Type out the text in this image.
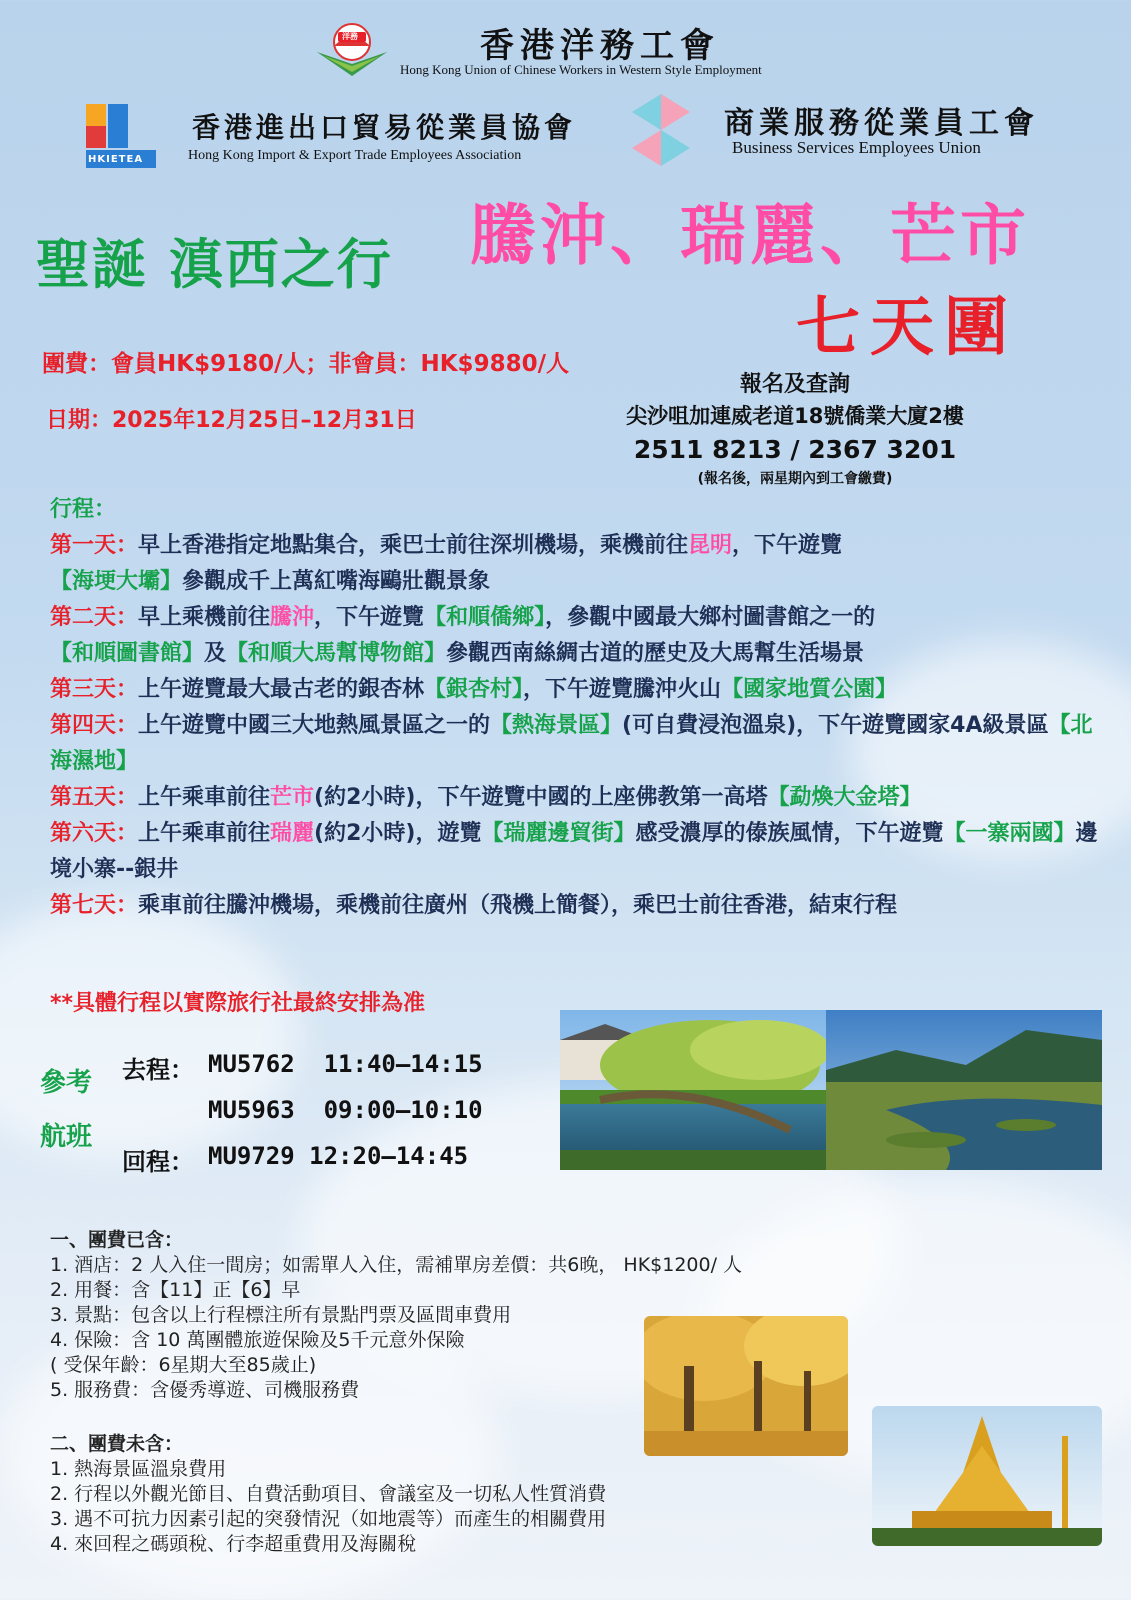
洋務	香港洋務工會
Hong Kong Union of Chinese Workers in Western Style Employment
HKIETEA
香港進出口貿易從業員協會
Hong Kong Import & Export Trade Employees Association
商業服務從業員工會
Business Services Employees Union
聖誕 滇西之行 騰沖、瑞麗、芒市
七天團
團費：會員HK$9180/人；非會員：HK$9880/人
日期：2025年12月25日–12月31日
報名及查詢
尖沙咀加連威老道18號僑業大廈2樓
2511 8213 / 2367 3201
(報名後，兩星期內到工會繳費)

行程：

第一天：早上香港指定地點集合，乘巴士前往深圳機場，乘機前往昆明，下午遊覽
【海埂大壩】參觀成千上萬紅嘴海鷗壯觀景象

第二天：早上乘機前往騰沖，下午遊覽【和順僑鄉】，參觀中國最大鄉村圖書館之一的
【和順圖書館】及【和順大馬幫博物館】參觀西南絲綢古道的歷史及大馬幫生活場景

第三天：上午遊覽最大最古老的銀杏林【銀杏村】，下午遊覽騰沖火山【國家地質公園】

第四天：上午遊覽中國三大地熱風景區之一的【熱海景區】(可自費浸泡溫泉)，下午遊覽國家4A級景區【北海濕地】

第五天：上午乘車前往芒市(約2小時)，下午遊覽中國的上座佛教第一高塔【勐煥大金塔】

第六天：上午乘車前往瑞麗(約2小時)，遊覽【瑞麗邊貿街】感受濃厚的傣族風情，下午遊覽【一寨兩國】邊境小寨--銀井

第七天：乘車前往騰沖機場，乘機前往廣州（飛機上簡餐），乘巴士前往香港，結束行程

**具體行程以實際旅行社最終安排為准
參考
航班
去程： MU5762  11:40–14:15
MU5963  09:00–10:10
回程： MU9729 12:20–14:45

一、團費已含：

1. 酒店：2 人入住一間房；如需單人入住，需補單房差價：共6晚， HK$1200/ 人

2. 用餐：含【11】正【6】早

3. 景點：包含以上行程標注所有景點門票及區間車費用

4. 保險：含 10 萬團體旅遊保險及5千元意外保險

( 受保年齡：6星期大至85歲止)

5. 服務費：含優秀導遊、司機服務費

二、團費未含：

1. 熱海景區溫泉費用

2. 行程以外觀光節目、自費活動項目、會議室及一切私人性質消費

3. 遇不可抗力因素引起的突發情況（如地震等）而產生的相關費用

4. 來回程之碼頭稅、行李超重費用及海關稅
